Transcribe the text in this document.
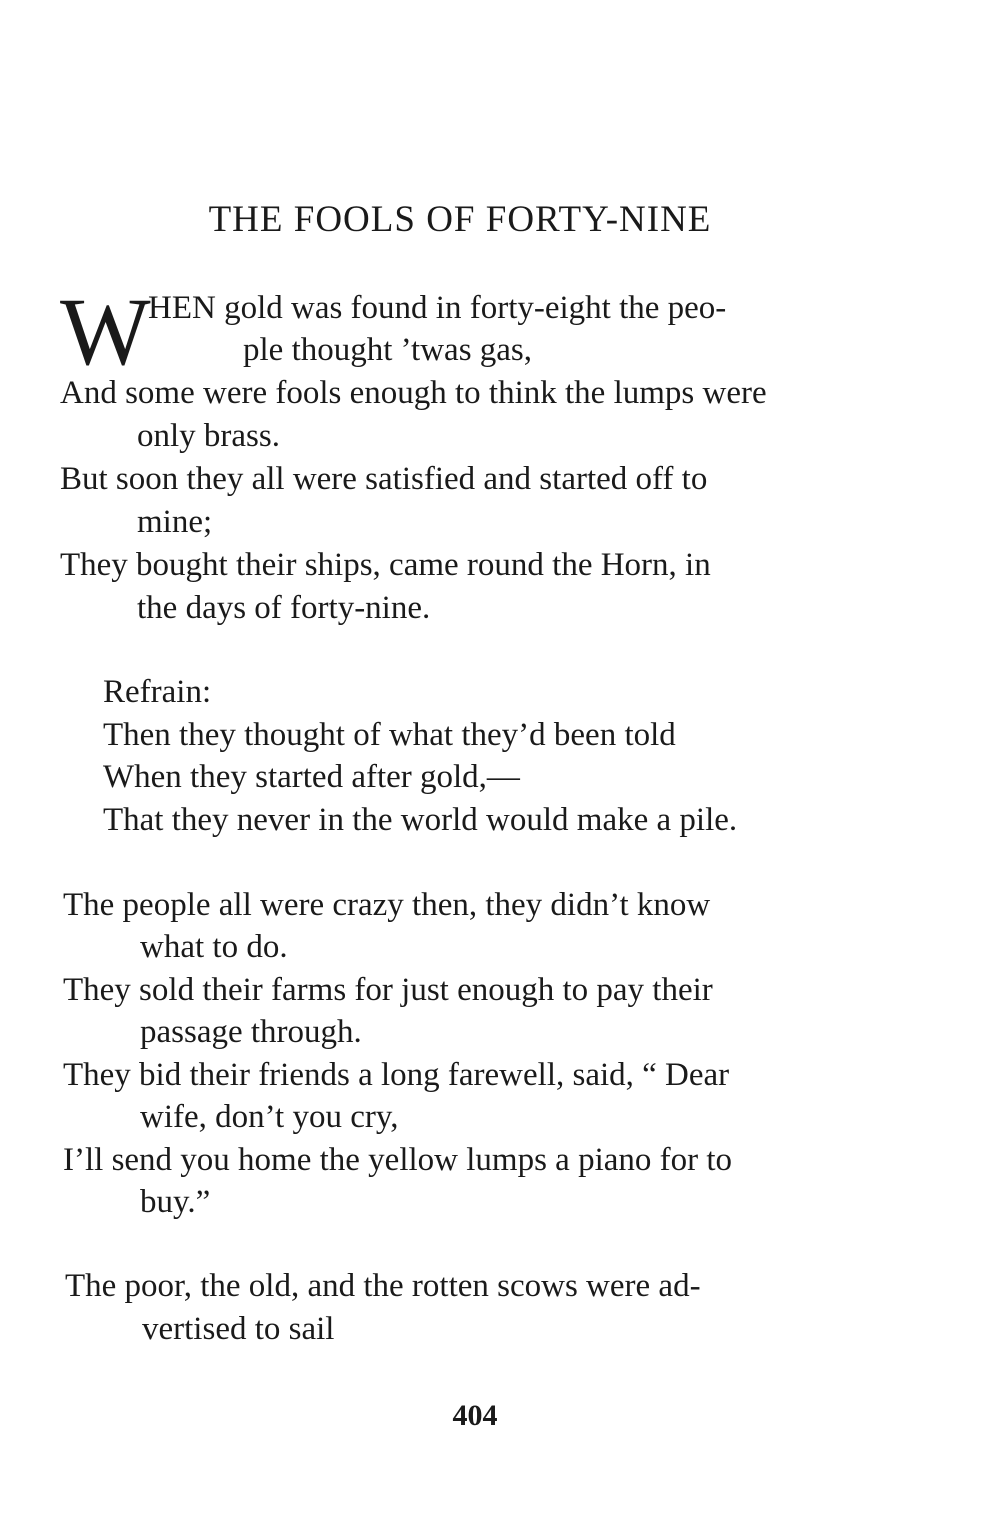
THE FOOLS OF FORTY-NINE
W
HEN gold was found in forty-eight the peo-
ple thought ’twas gas,
And some were fools enough to think the lumps were
only brass.
But soon they all were satisfied and started off to
mine;
They bought their ships, came round the Horn, in
the days of forty-nine.
Refrain:
Then they thought of what they’d been told
When they started after gold,—
That they never in the world would make a pile.
The people all were crazy then, they didn’t know
what to do.
They sold their farms for just enough to pay their
passage through.
They bid their friends a long farewell, said, “ Dear
wife, don’t you cry,
I’ll send you home the yellow lumps a piano for to
buy.”
The poor, the old, and the rotten scows were ad-
vertised to sail
404
